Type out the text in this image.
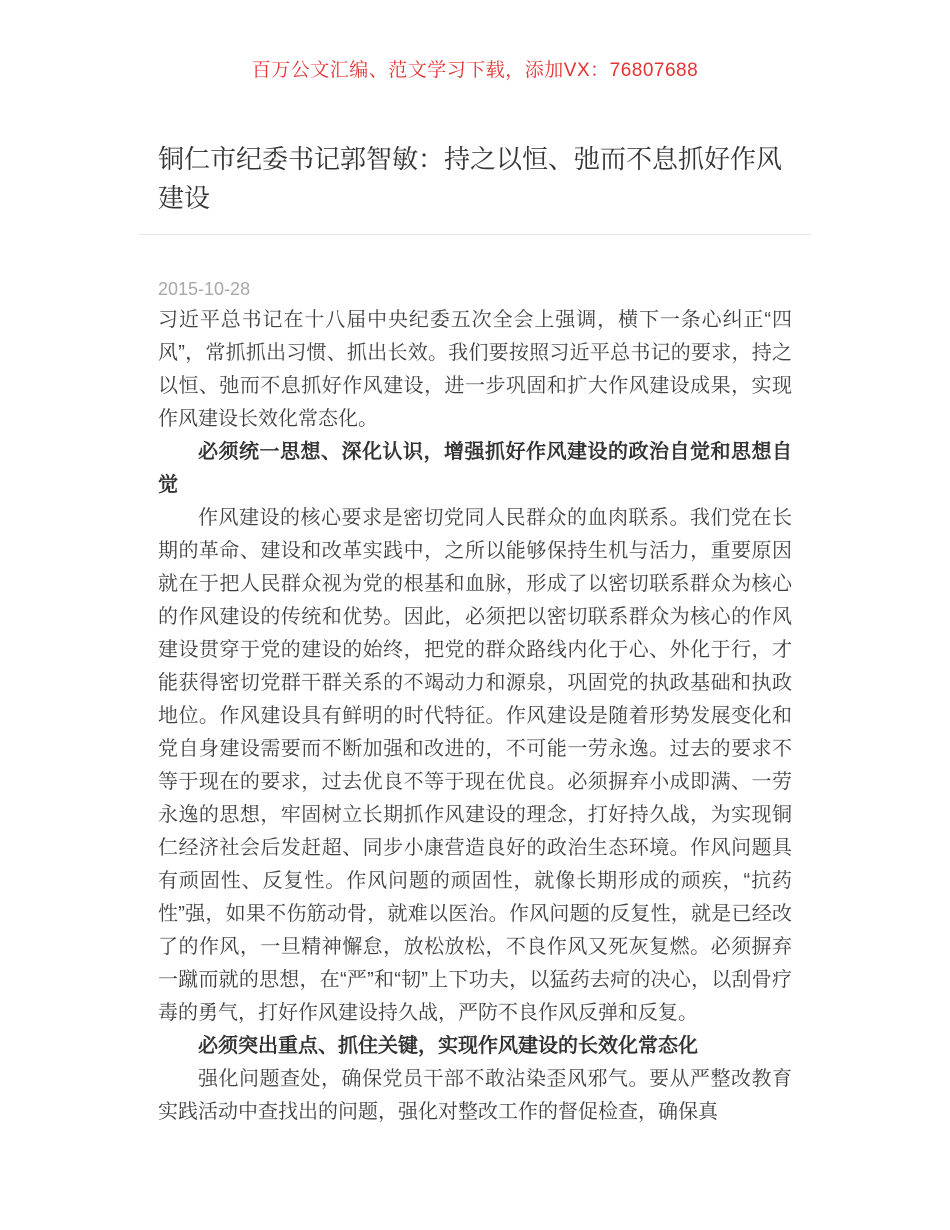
百万公文汇编、范文学习下载，添加VX：76807688
铜仁市纪委书记郭智敏：持之以恒、弛而不息抓好作风建设
2015-10-28

习近平总书记在十八届中央纪委五次全会上强调，横下一条心纠正“四风”，常抓抓出习惯、抓出长效。我们要按照习近平总书记的要求，持之以恒、弛而不息抓好作风建设，进一步巩固和扩大作风建设成果，实现作风建设长效化常态化。

必须统一思想、深化认识，增强抓好作风建设的政治自觉和思想自觉

作风建设的核心要求是密切党同人民群众的血肉联系。我们党在长期的革命、建设和改革实践中，之所以能够保持生机与活力，重要原因就在于把人民群众视为党的根基和血脉，形成了以密切联系群众为核心的作风建设的传统和优势。因此，必须把以密切联系群众为核心的作风建设贯穿于党的建设的始终，把党的群众路线内化于心、外化于行，才能获得密切党群干群关系的不竭动力和源泉，巩固党的执政基础和执政地位。作风建设具有鲜明的时代特征。作风建设是随着形势发展变化和党自身建设需要而不断加强和改进的，不可能一劳永逸。过去的要求不等于现在的要求，过去优良不等于现在优良。必须摒弃小成即满、一劳永逸的思想，牢固树立长期抓作风建设的理念，打好持久战，为实现铜仁经济社会后发赶超、同步小康营造良好的政治生态环境。作风问题具有顽固性、反复性。作风问题的顽固性，就像长期形成的顽疾，“抗药性”强，如果不伤筋动骨，就难以医治。作风问题的反复性，就是已经改了的作风，一旦精神懈怠，放松放松，不良作风又死灰复燃。必须摒弃一蹴而就的思想，在“严”和“韧”上下功夫，以猛药去疴的决心，以刮骨疗毒的勇气，打好作风建设持久战，严防不良作风反弹和反复。

必须突出重点、抓住关键，实现作风建设的长效化常态化

强化问题查处，确保党员干部不敢沾染歪风邪气。要从严整改教育实践活动中查找出的问题，强化对整改工作的督促检查，确保真
